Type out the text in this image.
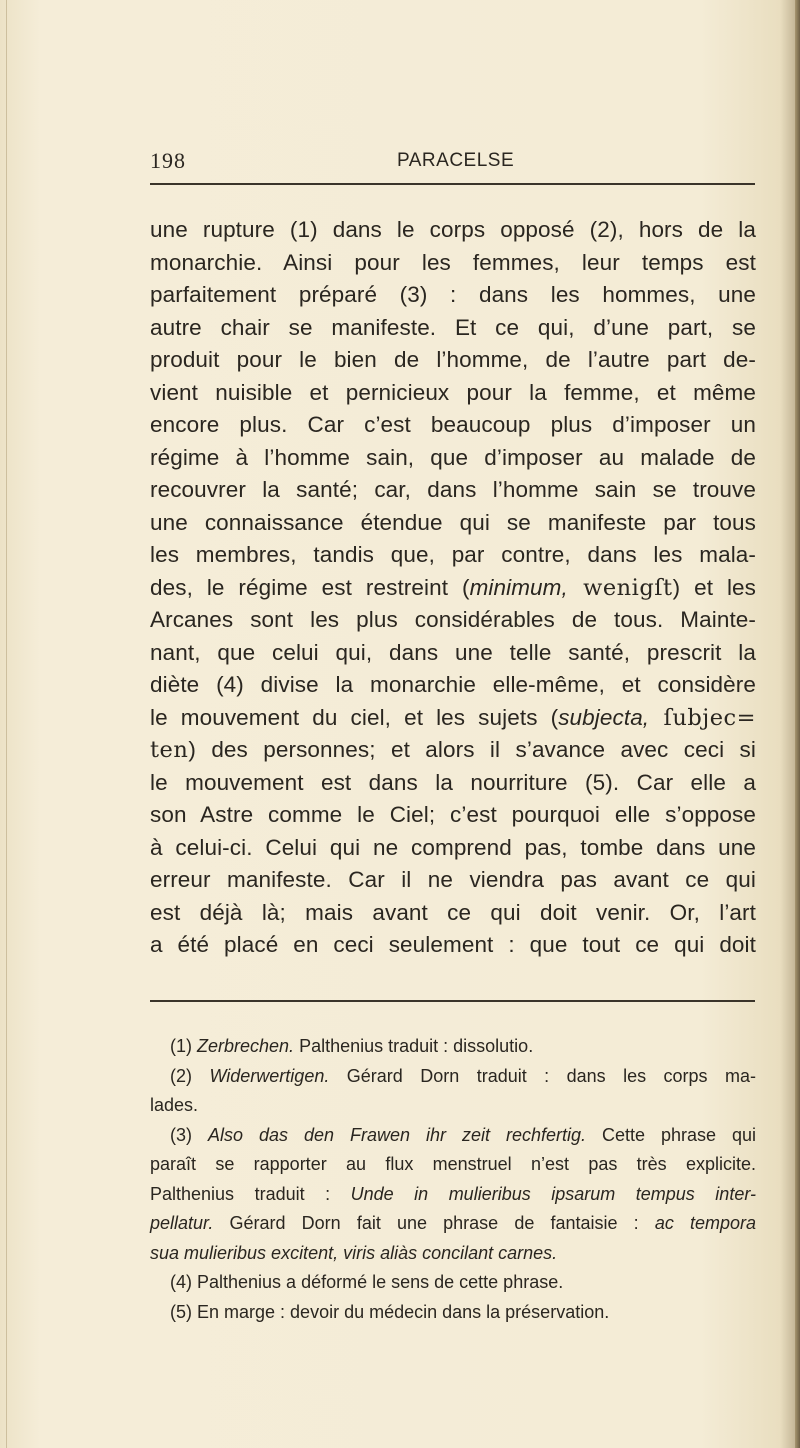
198	PARACELSE
une rupture (1) dans le corps opposé (2), hors de la
monarchie. Ainsi pour les femmes, leur temps est
parfaitement préparé (3) : dans les hommes, une
autre chair se manifeste. Et ce qui, d’une part, se
produit pour le bien de l’homme, de l’autre part de-
vient nuisible et pernicieux pour la femme, et même
encore plus. Car c’est beaucoup plus d’imposer un
régime à l’homme sain, que d’imposer au malade de
recouvrer la santé; car, dans l’homme sain se trouve
une connaissance étendue qui se manifeste par tous
les membres, tandis que, par contre, dans les mala-
des, le régime est restreint (minimum, wenigſt) et les
Arcanes sont les plus considérables de tous. Mainte-
nant, que celui qui, dans une telle santé, prescrit la
diète (4) divise la monarchie elle-même, et considère
le mouvement du ciel, et les sujets (subjecta, ſubjec=
ten) des personnes; et alors il s’avance avec ceci si
le mouvement est dans la nourriture (5). Car elle a
son Astre comme le Ciel; c’est pourquoi elle s’oppose
à celui-ci. Celui qui ne comprend pas, tombe dans une
erreur manifeste. Car il ne viendra pas avant ce qui
est déjà là; mais avant ce qui doit venir. Or, l’art
a été placé en ceci seulement : que tout ce qui doit
(1) Zerbrechen. Palthenius traduit : dissolutio.
(2) Widerwertigen. Gérard Dorn traduit : dans les corps ma-
lades.
(3) Also das den Frawen ihr zeit rechfertig. Cette phrase qui
paraît se rapporter au flux menstruel n’est pas très explicite.
Palthenius traduit : Unde in mulieribus ipsarum tempus inter-
pellatur. Gérard Dorn fait une phrase de fantaisie : ac tempora
sua mulieribus excitent, viris aliàs concilant carnes.
(4) Palthenius a déformé le sens de cette phrase.
(5) En marge : devoir du médecin dans la préservation.
